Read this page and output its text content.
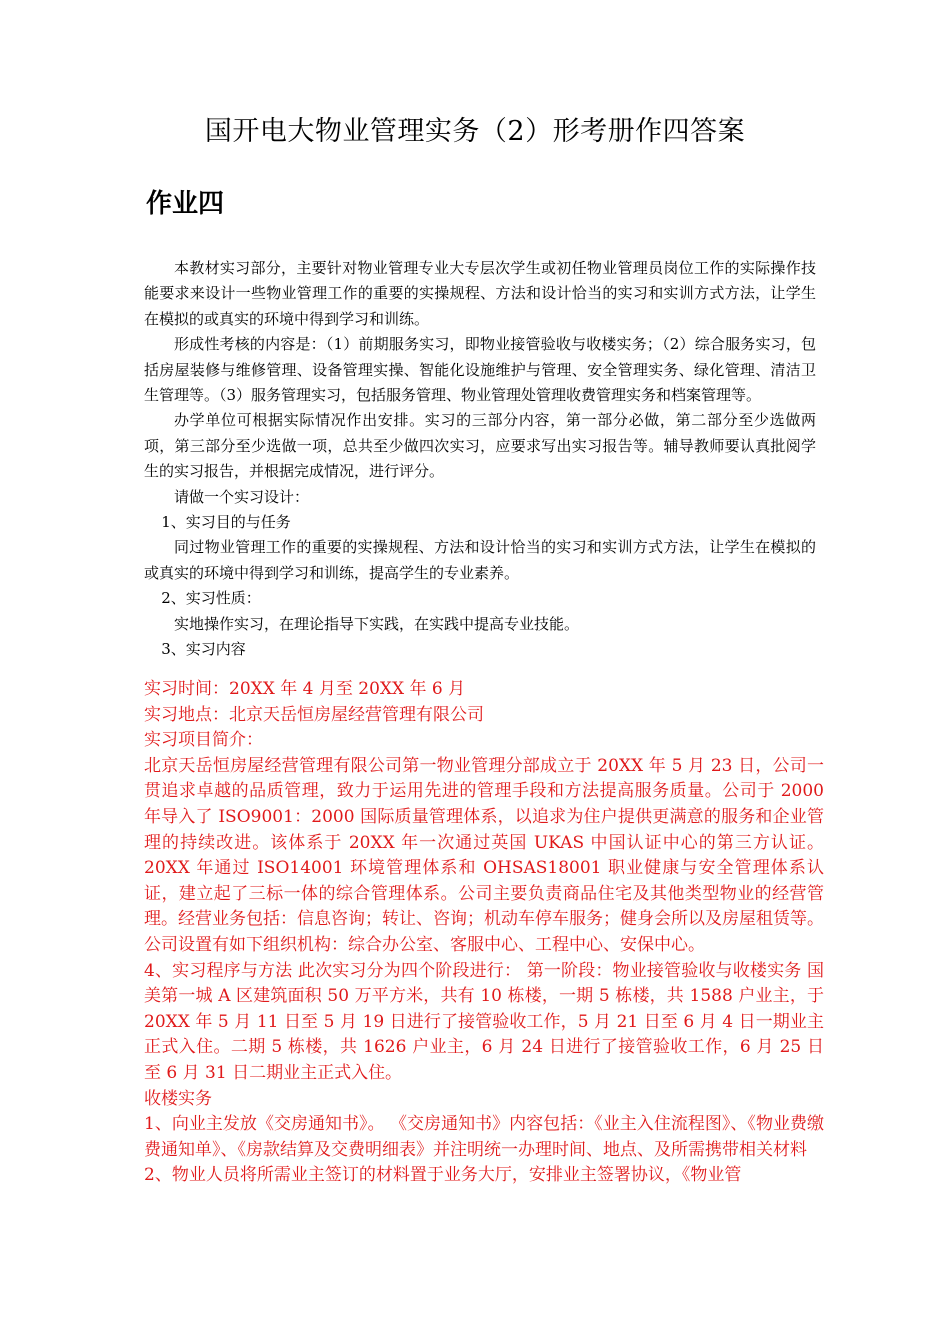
国开电大物业管理实务（2）形考册作四答案
作业四

本教材实习部分，主要针对物业管理专业大专层次学生或初任物业管理员岗位工作的实际操作技能要求来设计一些物业管理工作的重要的实操规程、方法和设计恰当的实习和实训方式方法，让学生在模拟的或真实的环境中得到学习和训练。

形成性考核的内容是：（1）前期服务实习，即物业接管验收与收楼实务；（2）综合服务实习，包括房屋装修与维修管理、设备管理实操、智能化设施维护与管理、安全管理实务、绿化管理、清洁卫生管理等。（3）服务管理实习，包括服务管理、物业管理处管理收费管理实务和档案管理等。

办学单位可根据实际情况作出安排。实习的三部分内容，第一部分必做，第二部分至少选做两项，第三部分至少选做一项，总共至少做四次实习，应要求写出实习报告等。辅导教师要认真批阅学生的实习报告，并根据完成情况，进行评分。

请做一个实习设计：

1、实习目的与任务

同过物业管理工作的重要的实操规程、方法和设计恰当的实习和实训方式方法，让学生在模拟的或真实的环境中得到学习和训练，提高学生的专业素养。

2、实习性质：

实地操作实习，在理论指导下实践，在实践中提高专业技能。

3、实习内容

实习时间：20XX 年 4 月至 20XX 年 6 月

实习地点：北京天岳恒房屋经营管理有限公司

实习项目简介：

北京天岳恒房屋经营管理有限公司第一物业管理分部成立于 20XX 年 5 月 23 日，公司一贯追求卓越的品质管理，致力于运用先进的管理手段和方法提高服务质量。公司于 2000 年导入了 ISO9001：2000 国际质量管理体系，以追求为住户提供更满意的服务和企业管理的持续改进。该体系于 20XX 年一次通过英国 UKAS 中国认证中心的第三方认证。20XX 年通过 ISO14001 环境管理体系和 OHSAS18001 职业健康与安全管理体系认证，建立起了三标一体的综合管理体系。公司主要负责商品住宅及其他类型物业的经营管理。经营业务包括：信息咨询；转让、咨询；机动车停车服务；健身会所以及房屋租赁等。公司设置有如下组织机构：综合办公室、客服中心、工程中心、安保中心。

4、实习程序与方法 此次实习分为四个阶段进行： 第一阶段：物业接管验收与收楼实务 国美第一城 A 区建筑面积 50 万平方米，共有 10 栋楼，一期 5 栋楼，共 1588 户业主，于 20XX 年 5 月 11 日至 5 月 19 日进行了接管验收工作，5 月 21 日至 6 月 4 日一期业主正式入住。二期 5 栋楼，共 1626 户业主，6 月 24 日进行了接管验收工作，6 月 25 日至 6 月 31 日二期业主正式入住。

收楼实务

1、向业主发放《交房通知书》。 《交房通知书》内容包括：《业主入住流程图》、《物业费缴费通知单》、《房款结算及交费明细表》并注明统一办理时间、地点、及所需携带相关材料

2、物业人员将所需业主签订的材料置于业务大厅，安排业主签署协议，《物业管
